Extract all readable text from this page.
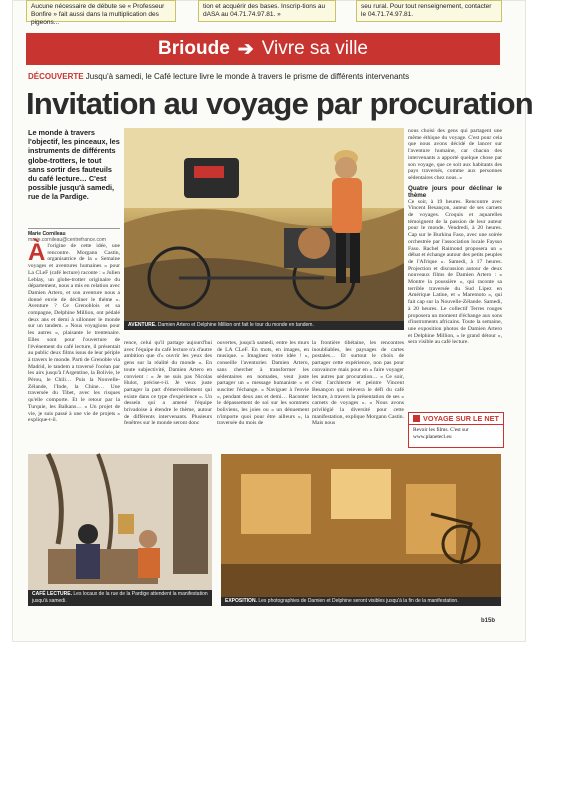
Aucune nécessaire de débute se « Professeur Bonfire » fait aussi dans la multiplication des pigeons...
tion et acquérir des bases. Inscrip-tions au dASA au 04.71.74.97.81. »
seu rural. Pour tout renseignement, contacter le 04.71.74.97.81.
Brioude ➔ Vivre sa ville
DÉCOUVERTE Jusqu'à samedi, le Café lecture livre le monde à travers le prisme de différents intervenants
Invitation au voyage par procuration
Le monde à travers l'objectif, les pinceaux, les instruments de différents globe-trotters, le tout sans sortir des fauteuils du café lecture… C'est possible jusqu'à samedi, rue de la Pardige.
Marie Cornileau
marie.cornileau@centrefrance.com
Àl'origine de cette idée, une rencontre. Morgann Castin, organisatrice de la « Semaine voyages et aventures humaines » pour La CLeF (café lecture) raconte : « Julien Leblay, un globe-trotter originaire du département, nous a mis en relation avec Damien Artero, et son aventure nous a donné envie de décliner le thème ». Aventure ? Ce Grenoblois et sa compagne, Delphine Million, ont pédalé deux ans et demi à sillonner le monde sur un tandem. « Nous voyagions pour les autres », plaisante le trentenaire. Elles sont pour l'ouverture de l'événement du café lecture, il présentait au public deux films issus de leur périple à travers le monde. Parti de Grenoble via Madrid, le tandem a traversé l'océan par les airs jusqu'à l'Argentine, la Bolivie, le Pérou, le Chili… Puis la Nouvelle-Zélande, l'Inde, la Chine… Une traversée du Tibet, avec les risques qu'elle comporte. Et le retour par la Turquie, les Balkans… « Un projet de vie, je suis passé à une vie de projets » explique-t-il.
AVENTURE. Damien Artero et Delphine Million ont fait le tour du monde en tandem.
rence, celui qu'il partage aujourd'hui avec l'équipe du café lecture n'a d'autre ambition que d'« ouvrir les yeux des gens sur la réalité du monde ». En toute subjectivité, Damien Artero en convient : « Je ne suis pas Nicolas Hulot, précise-t-il. Je veux juste partager la part d'émerveillement qui existe dans ce type d'expérience ». Un dessein qui a amené l'équipe brivadoise à étendre le thème, autour de différents intervenants. Plusieurs fenêtres sur le monde seront donc
ouvertes, jusqu'à samedi, entre les murs de LA CLeF. En mots, en images, en musique. « Imaginez votre idée ! », conseille l'aventurier. Damien Artero, sans chercher à transformer les sédentaires en nomades, veut juste partager un « message humaniste » et susciter l'échange. « Naviguer à l'envie », pendant deux ans et demi… Raconter le dépassement de soi sur les sommets boliviens, les joies ou « un dénuement n'importe quoi pour être ailleurs », la traversée du mois de
la frontière tibétaine, les rencontres inoubliables, les paysages de cartes postales… Et surtout le choix de partager cette expérience, non pas pour convaincre mais pour en « faire voyager les autres par procuration… » Ce soir, c'est l'architecte et peintre Vincent Besançon qui relèvera le défi du café lecture, à travers la présentation de ses « carnets de voyages ». « Nous avons privilégié la diversité pour cette manifestation, explique Morgann Castin. Mais nous

nous choisi des gens qui partagent une même éthique du voyage. C'est pour cela que nous avons décidé de lancer sur l'aventure humaine, car chacun des intervenants a apporté quelque chose par son voyage, que ce soit aux habitants des pays traversés, comme aux personnes sédentaires chez nous. »

Quatre jours pour déclinar le thème

Ce soir, à 19 heures. Rencontre avec Vincent Besançon, auteur de ses carnets de voyages. Croquis et aquarelles témoignent de la passion de leur auteur pour le monde. Vendredi, à 20 heures. Cap sur le Burkina Faso, avec une soirée orchestrée par l'association locale Faysso Faso. Rachel Raimond proposera un « débat et échange autour des petits peuples de l'Afrique ». Samedi, à 17 heures. Projection et discussion autour de deux nouveaux films de Damien Artero : « Montre la poussière », qui raconte sa terrible traversée du Sud Lipez en Amérique Latine, et « Maremoto », qui fait cap sur la Nouvelle-Zélande. Samedi, à 20 heures. Le collectif Terres rouges proposera un moment d'échange aux sons d'instruments africains. Toute la semaine, une exposition photos de Damien Artero et Delphine Million, « le grand détour », sera visible au café lecture.

VOYAGE SUR LE NET
Revoir les films. C'est sur www.planetecl.eu
CAFÉ LECTURE. Les locaux de la rue de la Pardige attendent la manifestation jusqu'à samedi.	EXPOSITION. Les photographies de Damien et Delphine seront visibles jusqu'à la fin de la manifestation.
b15b
